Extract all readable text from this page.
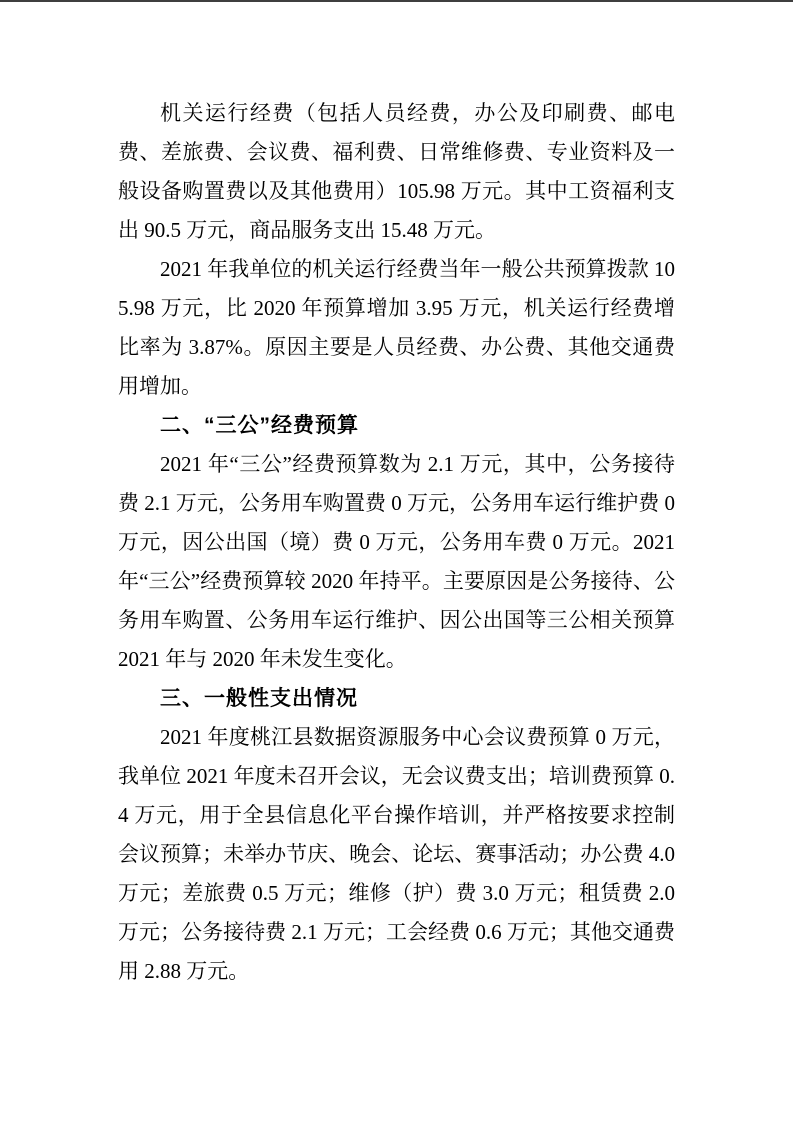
机关运行经费（包括人员经费，办公及印刷费、邮电费、差旅费、会议费、福利费、日常维修费、专业资料及一般设备购置费以及其他费用）105.98 万元。其中工资福利支出 90.5 万元，商品服务支出 15.48 万元。

2021 年我单位的机关运行经费当年一般公共预算拨款 105.98 万元，比 2020 年预算增加 3.95 万元，机关运行经费增比率为 3.87%。原因主要是人员经费、办公费、其他交通费用增加。

二、“三公”经费预算

2021 年“三公”经费预算数为 2.1 万元，其中，公务接待费 2.1 万元，公务用车购置费 0 万元，公务用车运行维护费 0 万元，因公出国（境）费 0 万元，公务用车费 0 万元。2021 年“三公”经费预算较 2020 年持平。主要原因是公务接待、公务用车购置、公务用车运行维护、因公出国等三公相关预算 2021 年与 2020 年未发生变化。

三、一般性支出情况

2021 年度桃江县数据资源服务中心会议费预算 0 万元，我单位 2021 年度未召开会议，无会议费支出；培训费预算 0.4 万元，用于全县信息化平台操作培训，并严格按要求控制会议预算；未举办节庆、晚会、论坛、赛事活动；办公费 4.0 万元；差旅费 0.5 万元；维修（护）费 3.0 万元；租赁费 2.0 万元；公务接待费 2.1 万元；工会经费 0.6 万元；其他交通费用 2.88 万元。
